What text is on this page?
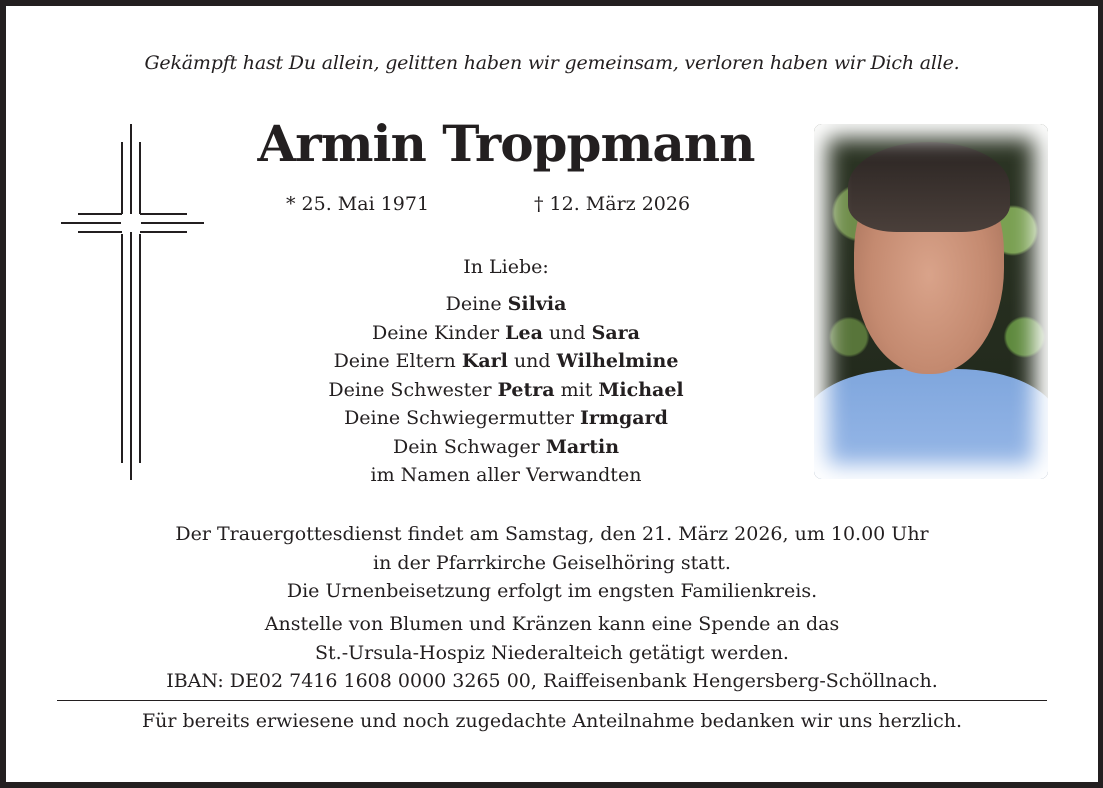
Gekämpft hast Du allein, gelitten haben wir gemeinsam, verloren haben wir Dich alle.
Armin Troppmann
* 25. Mai 1971	† 12. März 2026
In Liebe:
Deine Silvia
Deine Kinder Lea und Sara
Deine Eltern Karl und Wilhelmine
Deine Schwester Petra mit Michael
Deine Schwiegermutter Irmgard
Dein Schwager Martin
im Namen aller Verwandten
Der Trauergottesdienst findet am Samstag, den 21. März 2026, um 10.00 Uhr
in der Pfarrkirche Geiselhöring statt.
Die Urnenbeisetzung erfolgt im engsten Familienkreis.
Anstelle von Blumen und Kränzen kann eine Spende an das
St.-Ursula-Hospiz Niederalteich getätigt werden.
IBAN: DE02 7416 1608 0000 3265 00, Raiffeisenbank Hengersberg-Schöllnach.
Für bereits erwiesene und noch zugedachte Anteilnahme bedanken wir uns herzlich.
